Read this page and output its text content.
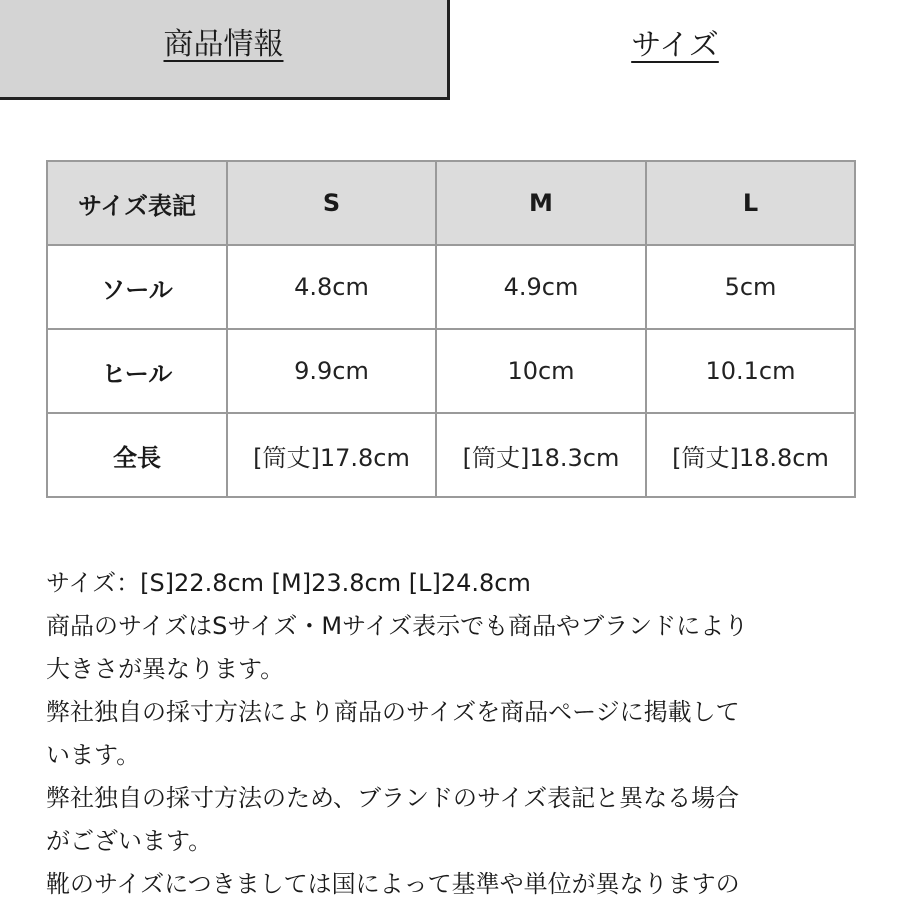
商品情報	サイズ
サイズ表記	S	M	L
ソール	4.8cm	4.9cm	5cm
ヒール	9.9cm	10cm	10.1cm
全長	[筒丈]17.8cm	[筒丈]18.3cm	[筒丈]18.8cm

サイズ：[S]22.8cm [M]23.8cm [L]24.8cm

商品のサイズはSサイズ・Mサイズ表示でも商品やブランドにより

大きさが異なります。

弊社独自の採寸方法により商品のサイズを商品ページに掲載して

います。

弊社独自の採寸方法のため、ブランドのサイズ表記と異なる場合

がございます。

靴のサイズにつきましては国によって基準や単位が異なりますの
